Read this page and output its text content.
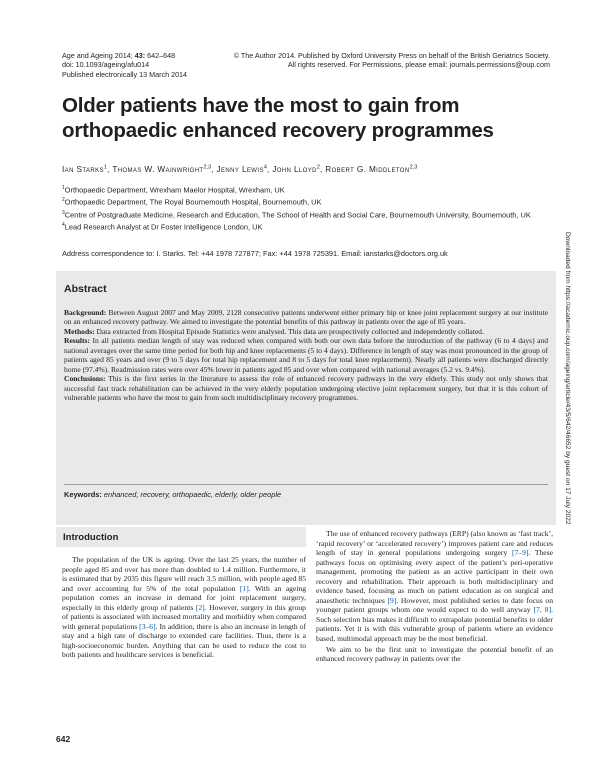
Age and Ageing 2014; 43: 642–648
doi: 10.1093/ageing/afu014
Published electronically 13 March 2014
© The Author 2014. Published by Oxford University Press on behalf of the British Geriatrics Society.
All rights reserved. For Permissions, please email: journals.permissions@oup.com
Older patients have the most to gain from orthopaedic enhanced recovery programmes
Ian Starks$^1$, Thomas W. Wainwright$^{2,3}$, Jenny Lewis$^4$, John Lloyd$^2$, Robert G. Middleton$^{2,3}$
$^1$Orthopaedic Department, Wrexham Maelor Hospital, Wrexham, UK
$^2$Orthopaedic Department, The Royal Bournemouth Hospital, Bournemouth, UK
$^3$Centre of Postgraduate Medicine, Research and Education, The School of Health and Social Care, Bournemouth University, Bournemouth, UK
$^4$Lead Research Analyst at Dr Foster Intelligence London, UK
Address correspondence to: I. Starks. Tel: +44 1978 727877; Fax: +44 1978 725391. Email: ianstarks@doctors.org.uk
Abstract

Background: Between August 2007 and May 2009, 2128 consecutive patients underwent either primary hip or knee joint replacement surgery at our institute on an enhanced recovery pathway. We aimed to investigate the potential benefits of this pathway in patients over the age of 85 years.

Methods: Data extracted from Hospital Episode Statistics were analysed. This data are prospectively collected and independently collated.

Results: In all patients median length of stay was reduced when compared with both our own data before the introduction of the pathway (6 to 4 days) and national averages over the same time period for both hip and knee replacements (5 to 4 days). Difference in length of stay was most pronounced in the group of patients aged 85 years and over (9 to 5 days for total hip replacement and 8 to 5 days for total knee replacement). Nearly all patients were discharged directly home (97.4%). Readmission rates were over 45% lower in patients aged 85 and over when compared with national averages (5.2 vs. 9.4%).

Conclusions: This is the first series in the literature to assess the role of enhanced recovery pathways in the very elderly. This study not only shows that successful fast track rehabilitation can be achieved in the very elderly population undergoing elective joint replacement surgery, but that it is this cohort of vulnerable patients who have the most to gain from such multidisciplinary recovery programmes.

Keywords: enhanced, recovery, orthopaedic, elderly, older people
Introduction
The population of the UK is ageing. Over the last 25 years, the number of people aged 85 and over has more than doubled to 1.4 million. Furthermore, it is estimated that by 2035 this figure will reach 3.5 million, with people aged 85 and over accounting for 5% of the total population [1]. With an ageing population comes an increase in demand for joint replacement surgery, especially in this elderly group of patients [2]. However, surgery in this group of patients is associated with increased mortality and morbidity when compared with general populations [3–6]. In addition, there is also an increase in length of stay and a high rate of discharge to extended care facilities. Thus, there is a high-socioeconomic burden. Anything that can be used to reduce the cost to both patients and healthcare services is beneficial.

The use of enhanced recovery pathways (ERP) (also known as ‘fast track’, ‘rapid recovery’ or ‘accelerated recovery’) improves patient care and reduces length of stay in general populations undergoing surgery [7–9]. These pathways focus on optimising every aspect of the patient’s peri-operative management, promoting the patient as an active participant in their own recovery and rehabilitation. Their approach is both multidisciplinary and evidence based, focusing as much on patient education as on surgical and anaesthetic techniques [9]. However, most published series to date focus on younger patient groups whom one would expect to do well anyway [7, 8]. Such selection bias makes it difficult to extrapolate potential benefits to older patients. Yet it is with this vulnerable group of patients where an evidence based, multimodal approach may be the most beneficial.

We aim to be the first unit to investigate the potential benefit of an enhanced recovery pathway in patients over the

Downloaded from https://academic.oup.com/ageing/article/43/5/642/46652 by guest on 17 July 2022
642
